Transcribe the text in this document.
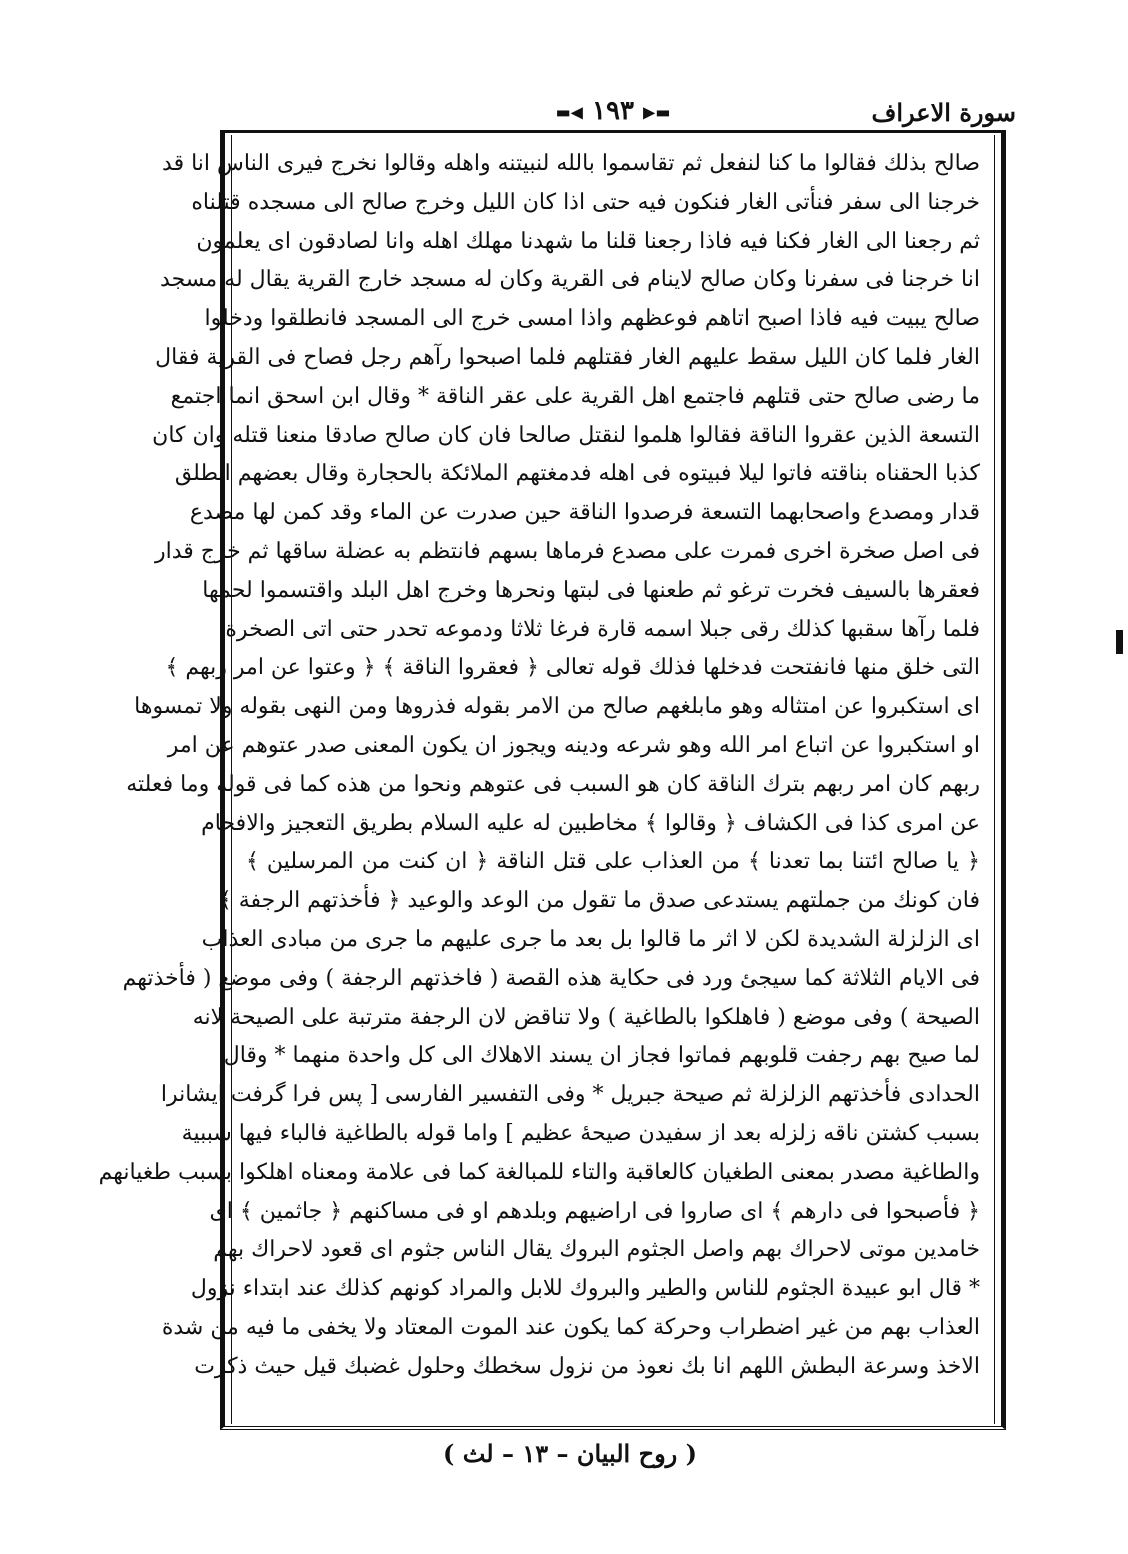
سورة الاعراف
▬▶ ١٩٣ ◀▬
صالح بذلك فقالوا ما كنا لنفعل ثم تقاسموا بالله لنبيتنه واهله وقالوا نخرج فيرى الناس انا قد
خرجنا الى سفر فنأتى الغار فنكون فيه حتى اذا كان الليل وخرج صالح الى مسجده قتلناه
ثم رجعنا الى الغار فكنا فيه فاذا رجعنا قلنا ما شهدنا مهلك اهله وانا لصادقون اى يعلمون
انا خرجنا فى سفرنا وكان صالح لاينام فى القرية وكان له مسجد خارج القرية يقال له مسجد
صالح يبيت فيه فاذا اصبح اتاهم فوعظهم واذا امسى خرج الى المسجد فانطلقوا ودخلوا
الغار فلما كان الليل سقط عليهم الغار فقتلهم فلما اصبحوا رآهم رجل فصاح فى القرية فقال
ما رضى صالح حتى قتلهم فاجتمع اهل القرية على عقر الناقة * وقال ابن اسحق انما اجتمع
التسعة الذين عقروا الناقة فقالوا هلموا لنقتل صالحا فان كان صالح صادقا منعنا قتله وان كان
كذبا الحقناه بناقته فاتوا ليلا فبيتوه فى اهله فدمغتهم الملائكة بالحجارة وقال بعضهم انطلق
قدار ومصدع واصحابهما التسعة فرصدوا الناقة حين صدرت عن الماء وقد كمن لها مصدع
فى اصل صخرة اخرى فمرت على مصدع فرماها بسهم فانتظم به عضلة ساقها ثم خرج قدار
فعقرها بالسيف فخرت ترغو ثم طعنها فى لبتها ونحرها وخرج اهل البلد واقتسموا لحمها
فلما رآها سقبها كذلك رقى جبلا اسمه قارة فرغا ثلاثا ودموعه تحدر حتى اتى الصخرة
التى خلق منها فانفتحت فدخلها فذلك قوله تعالى ﴿ فعقروا الناقة ﴾ ﴿ وعتوا عن امر ربهم ﴾
اى استكبروا عن امتثاله وهو مابلغهم صالح من الامر بقوله فذروها ومن النهى بقوله ولا تمسوها
او استكبروا عن اتباع امر الله وهو شرعه ودينه ويجوز ان يكون المعنى صدر عتوهم عن امر
ربهم كان امر ربهم بترك الناقة كان هو السبب فى عتوهم ونحوا من هذه كما فى قوله وما فعلته
عن امرى كذا فى الكشاف ﴿ وقالوا ﴾ مخاطبين له عليه السلام بطريق التعجيز والافحام
﴿ يا صالح ائتنا بما تعدنا ﴾ من العذاب على قتل الناقة ﴿ ان كنت من المرسلين ﴾
فان كونك من جملتهم يستدعى صدق ما تقول من الوعد والوعيد ﴿ فأخذتهم الرجفة ﴾
اى الزلزلة الشديدة لكن لا اثر ما قالوا بل بعد ما جرى عليهم ما جرى من مبادى العذاب
فى الايام الثلاثة كما سيجئ ورد فى حكاية هذه القصة ( فاخذتهم الرجفة ) وفى موضع ( فأخذتهم
الصيحة ) وفى موضع ( فاهلكوا بالطاغية ) ولا تناقض لان الرجفة مترتبة على الصيحة لانه
لما صيح بهم رجفت قلوبهم فماتوا فجاز ان يسند الاهلاك الى كل واحدة منهما * وقال
الحدادى فأخذتهم الزلزلة ثم صيحة جبريل * وفى التفسير الفارسى [ پس فرا گرفت ايشانرا
بسبب كشتن ناقه زلزله بعد از سفيدن صيحهٔ عظيم ] واما قوله بالطاغية فالباء فيها سببية
والطاغية مصدر بمعنى الطغيان كالعاقبة والتاء للمبالغة كما فى علامة ومعناه اهلكوا بسبب طغيانهم
﴿ فأصبحوا فى دارهم ﴾ اى صاروا فى اراضيهم وبلدهم او فى مساكنهم ﴿ جاثمين ﴾ اى
خامدين موتى لاحراك بهم واصل الجثوم البروك يقال الناس جثوم اى قعود لاحراك بهم
* قال ابو عبيدة الجثوم للناس والطير والبروك للابل والمراد كونهم كذلك عند ابتداء نزول
العذاب بهم من غير اضطراب وحركة كما يكون عند الموت المعتاد ولا يخفى ما فيه من شدة
الاخذ وسرعة البطش اللهم انا بك نعوذ من نزول سخطك وحلول غضبك قيل حيث ذكرت
( روح البيان – ١٣ – لث )
